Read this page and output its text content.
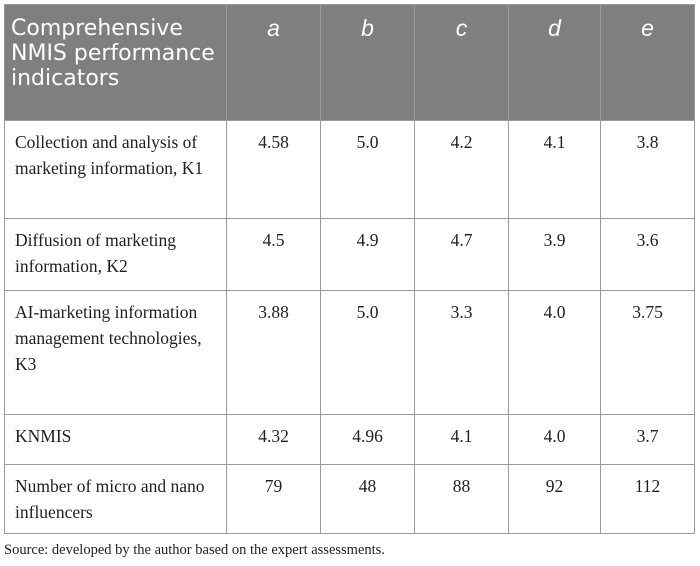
Comprehensive NMIS performance indicators	a	b	c	d	e
Collection and analysis of marketing information, K1	4.58	5.0	4.2	4.1	3.8
Diffusion of marketing information, K2	4.5	4.9	4.7	3.9	3.6
AI-marketing information management technologies, K3	3.88	5.0	3.3	4.0	3.75
KNMIS	4.32	4.96	4.1	4.0	3.7
Number of micro and nano influencers	79	48	88	92	112
Source: developed by the author based on the expert assessments.
